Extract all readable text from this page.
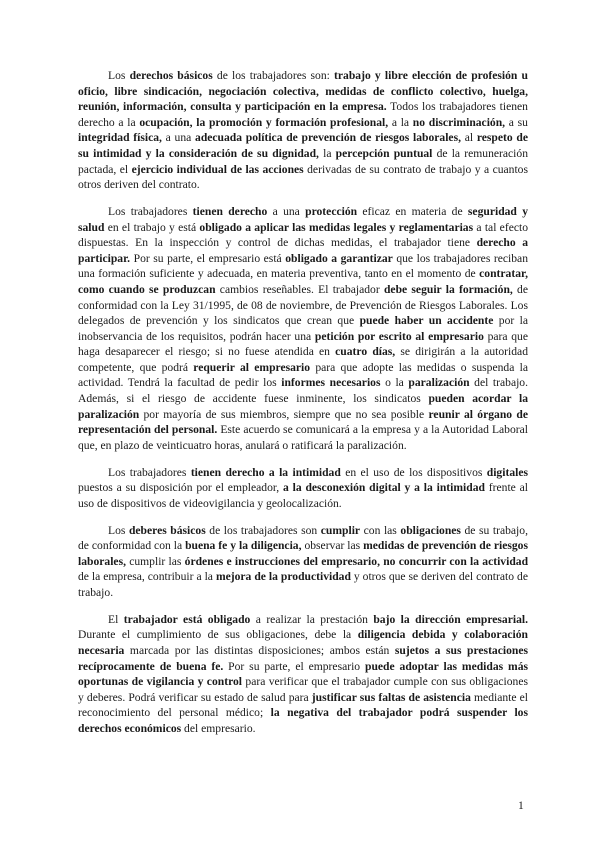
Los derechos básicos de los trabajadores son: trabajo y libre elección de profesión u oficio, libre sindicación, negociación colectiva, medidas de conflicto colectivo, huelga, reunión, información, consulta y participación en la empresa. Todos los trabajadores tienen derecho a la ocupación, la promoción y formación profesional, a la no discriminación, a su integridad física, a una adecuada política de prevención de riesgos laborales, al respeto de su intimidad y la consideración de su dignidad, la percepción puntual de la remuneración pactada, el ejercicio individual de las acciones derivadas de su contrato de trabajo y a cuantos otros deriven del contrato.

Los trabajadores tienen derecho a una protección eficaz en materia de seguridad y salud en el trabajo y está obligado a aplicar las medidas legales y reglamentarias a tal efecto dispuestas. En la inspección y control de dichas medidas, el trabajador tiene derecho a participar. Por su parte, el empresario está obligado a garantizar que los trabajadores reciban una formación suficiente y adecuada, en materia preventiva, tanto en el momento de contratar, como cuando se produzcan cambios reseñables. El trabajador debe seguir la formación, de conformidad con la Ley 31/1995, de 08 de noviembre, de Prevención de Riesgos Laborales. Los delegados de prevención y los sindicatos que crean que puede haber un accidente por la inobservancia de los requisitos, podrán hacer una petición por escrito al empresario para que haga desaparecer el riesgo; si no fuese atendida en cuatro días, se dirigirán a la autoridad competente, que podrá requerir al empresario para que adopte las medidas o suspenda la actividad. Tendrá la facultad de pedir los informes necesarios o la paralización del trabajo. Además, si el riesgo de accidente fuese inminente, los sindicatos pueden acordar la paralización por mayoría de sus miembros, siempre que no sea posible reunir al órgano de representación del personal. Este acuerdo se comunicará a la empresa y a la Autoridad Laboral que, en plazo de veinticuatro horas, anulará o ratificará la paralización.

Los trabajadores tienen derecho a la intimidad en el uso de los dispositivos digitales puestos a su disposición por el empleador, a la desconexión digital y a la intimidad frente al uso de dispositivos de videovigilancia y geolocalización.

Los deberes básicos de los trabajadores son cumplir con las obligaciones de su trabajo, de conformidad con la buena fe y la diligencia, observar las medidas de prevención de riesgos laborales, cumplir las órdenes e instrucciones del empresario, no concurrir con la actividad de la empresa, contribuir a la mejora de la productividad y otros que se deriven del contrato de trabajo.

El trabajador está obligado a realizar la prestación bajo la dirección empresarial. Durante el cumplimiento de sus obligaciones, debe la diligencia debida y colaboración necesaria marcada por las distintas disposiciones; ambos están sujetos a sus prestaciones recíprocamente de buena fe. Por su parte, el empresario puede adoptar las medidas más oportunas de vigilancia y control para verificar que el trabajador cumple con sus obligaciones y deberes. Podrá verificar su estado de salud para justificar sus faltas de asistencia mediante el reconocimiento del personal médico; la negativa del trabajador podrá suspender los derechos económicos del empresario.

1
